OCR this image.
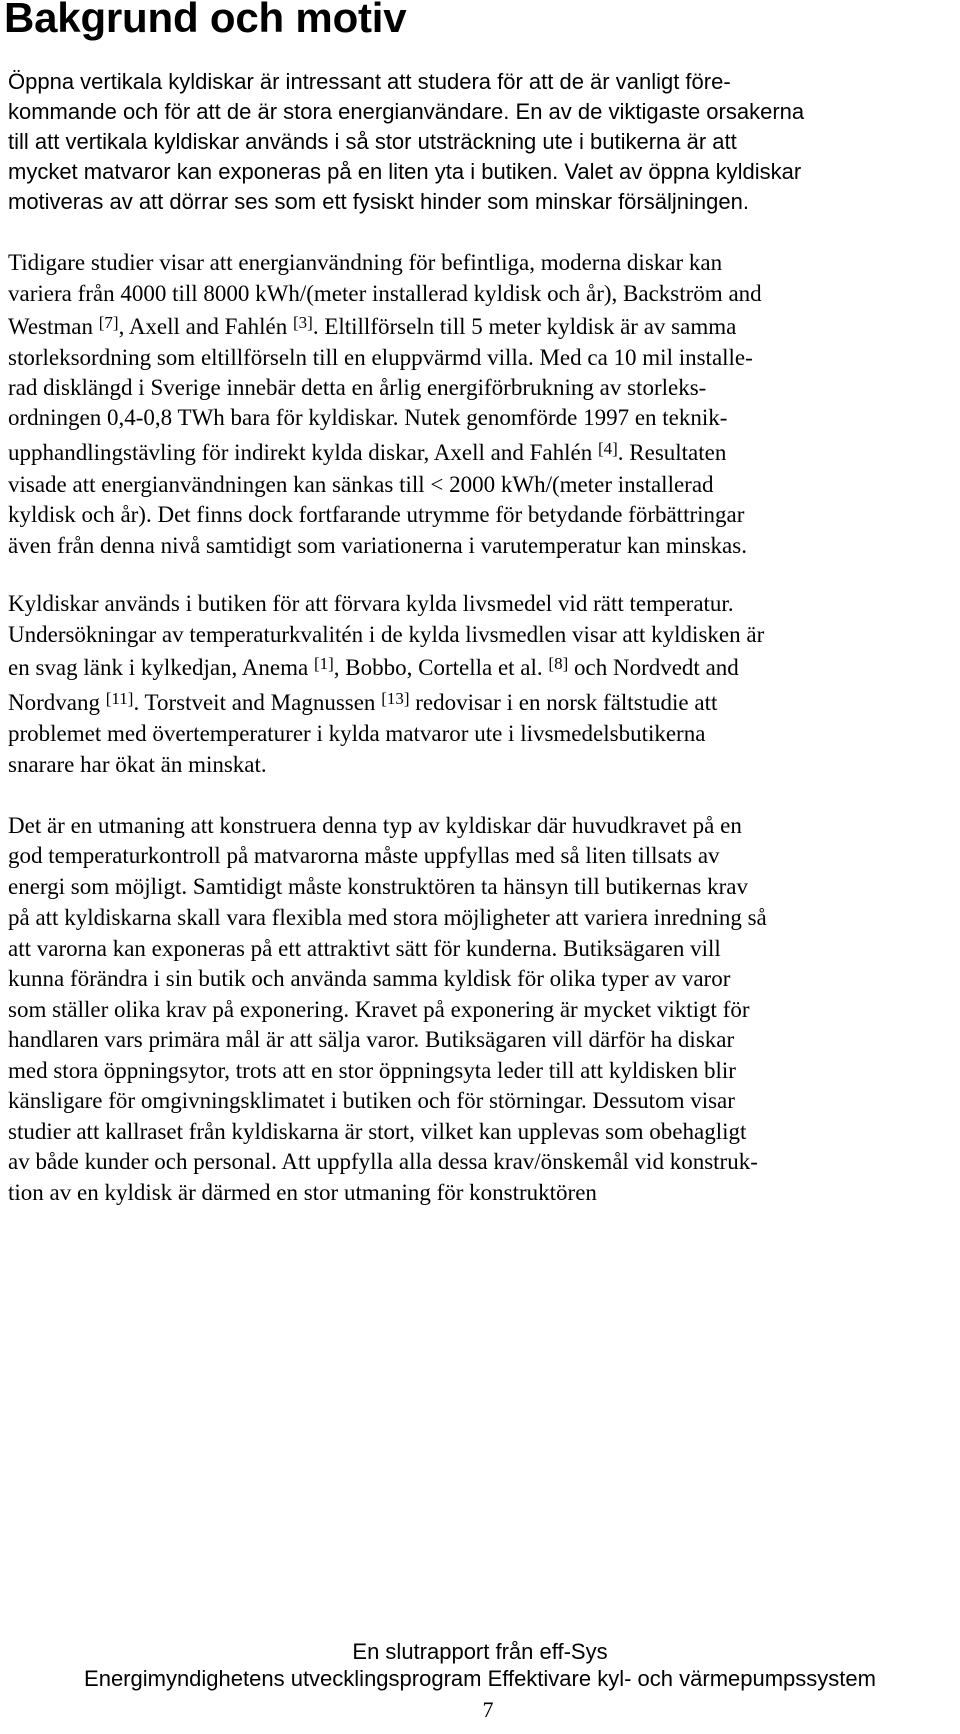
Bakgrund och motiv

Öppna vertikala kyldiskar är intressant att studera för att de är vanligt före-

kommande och för att de är stora energianvändare. En av de viktigaste orsakerna

till att vertikala kyldiskar används i så stor utsträckning ute i butikerna är att

mycket matvaror kan exponeras på en liten yta i butiken. Valet av öppna kyldiskar

motiveras av att dörrar ses som ett fysiskt hinder som minskar försäljningen.

Tidigare studier visar att energianvändning för befintliga, moderna diskar kan

variera från 4000 till 8000 kWh/(meter installerad kyldisk och år), Backström and

Westman [7], Axell and Fahlén [3]. Eltillförseln till 5 meter kyldisk är av samma

storleksordning som eltillförseln till en eluppvärmd villa. Med ca 10 mil installe-

rad disklängd i Sverige innebär detta en årlig energiförbrukning av storleks-

ordningen 0,4-0,8 TWh bara för kyldiskar. Nutek genomförde 1997 en teknik-

upphandlingstävling för indirekt kylda diskar, Axell and Fahlén [4]. Resultaten

visade att energianvändningen kan sänkas till < 2000 kWh/(meter installerad

kyldisk och år). Det finns dock fortfarande utrymme för betydande förbättringar

även från denna nivå samtidigt som variationerna i varutemperatur kan minskas.

Kyldiskar används i butiken för att förvara kylda livsmedel vid rätt temperatur.

Undersökningar av temperaturkvalitén i de kylda livsmedlen visar att kyldisken är

en svag länk i kylkedjan, Anema [1], Bobbo, Cortella et al. [8] och Nordvedt and

Nordvang [11]. Torstveit and Magnussen [13] redovisar i en norsk fältstudie att

problemet med övertemperaturer i kylda matvaror ute i livsmedelsbutikerna

snarare har ökat än minskat.

Det är en utmaning att konstruera denna typ av kyldiskar där huvudkravet på en

god temperaturkontroll på matvarorna måste uppfyllas med så liten tillsats av

energi som möjligt. Samtidigt måste konstruktören ta hänsyn till butikernas krav

på att kyldiskarna skall vara flexibla med stora möjligheter att variera inredning så

att varorna kan exponeras på ett attraktivt sätt för kunderna. Butiksägaren vill

kunna förändra i sin butik och använda samma kyldisk för olika typer av varor

som ställer olika krav på exponering. Kravet på exponering är mycket viktigt för

handlaren vars primära mål är att sälja varor. Butiksägaren vill därför ha diskar

med stora öppningsytor, trots att en stor öppningsyta leder till att kyldisken blir

känsligare för omgivningsklimatet i butiken och för störningar. Dessutom visar

studier att kallraset från kyldiskarna är stort, vilket kan upplevas som obehagligt

av både kunder och personal. Att uppfylla alla dessa krav/önskemål vid konstruk-

tion av en kyldisk är därmed en stor utmaning för konstruktören

En slutrapport från eff-Sys

Energimyndighetens utvecklingsprogram Effektivare kyl- och värmepumpssystem

7
